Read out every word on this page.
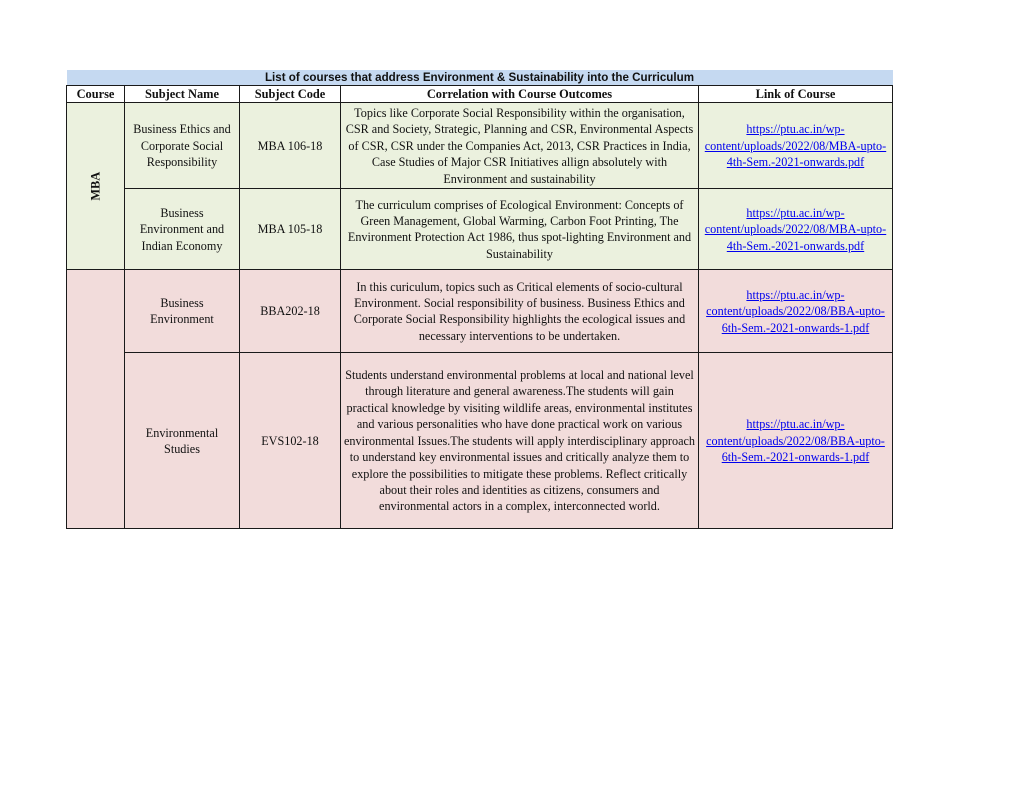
List of courses that address Environment & Sustainability into the Curriculum				
Course	Subject Name	Subject Code	Correlation with Course Outcomes	Link of Course
MBA	Business Ethics and Corporate Social Responsibility	MBA 106-18	Topics like Corporate Social Responsibility within the organisation, CSR and Society, Strategic, Planning and CSR, Environmental Aspects of CSR, CSR under the Companies Act, 2013, CSR Practices in India, Case Studies of Major CSR Initiatives allign absolutely with Environment and sustainability	https://ptu.ac.in/wp-content/uploads/2022/08/MBA-upto-4th-Sem.-2021-onwards.pdf
	Business Environment and Indian Economy	MBA 105-18	The curriculum comprises of Ecological Environment: Concepts of Green Management, Global Warming, Carbon Foot Printing, The Environment Protection Act 1986, thus spot-lighting Environment and Sustainability	https://ptu.ac.in/wp-content/uploads/2022/08/MBA-upto-4th-Sem.-2021-onwards.pdf
	Business Environment	BBA202-18	In this curiculum, topics such as Critical elements of socio-cultural Environment. Social responsibility of business. Business Ethics and Corporate Social Responsibility highlights the ecological issues and necessary interventions to be undertaken.	https://ptu.ac.in/wp-content/uploads/2022/08/BBA-upto-6th-Sem.-2021-onwards-1.pdf
	Environmental Studies	EVS102-18	Students understand environmental problems at local and national level through literature and general awareness.The students will gain practical knowledge by visiting wildlife areas, environmental institutes and various personalities who have done practical work on various environmental Issues.The students will apply interdisciplinary approach to understand key environmental issues and critically analyze them to explore the possibilities to mitigate these problems. Reflect critically about their roles and identities as citizens, consumers and environmental actors in a complex, interconnected world.	https://ptu.ac.in/wp-content/uploads/2022/08/BBA-upto-6th-Sem.-2021-onwards-1.pdf
